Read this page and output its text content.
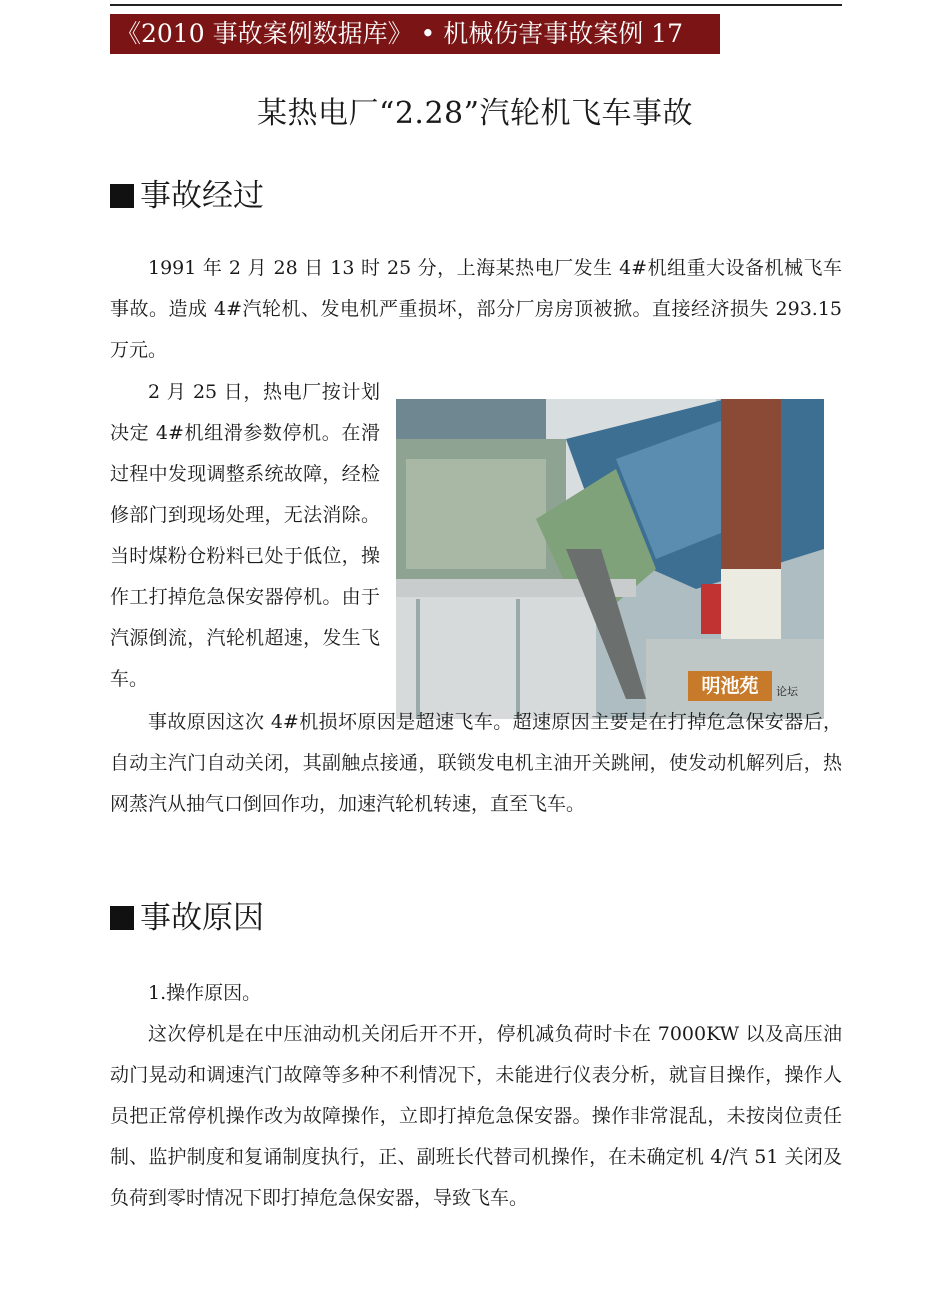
《2010 事故案例数据库》 • 机械伤害事故案例 17
某热电厂“2.28”汽轮机飞车事故
事故经过

1991 年 2 月 28 日 13 时 25 分，上海某热电厂发生 4#机组重大设备机械飞车事故。造成 4#汽轮机、发电机严重损坏，部分厂房房顶被掀。直接经济损失 293.15 万元。

2 月 25 日，热电厂按计划决定 4#机组滑参数停机。在滑过程中发现调整系统故障，经检修部门到现场处理，无法消除。当时煤粉仓粉料已处于低位，操作工打掉危急保安器停机。由于汽源倒流，汽轮机超速，发生飞车。	明池苑	论坛

事故原因这次 4#机损坏原因是超速飞车。超速原因主要是在打掉危急保安器后，自动主汽门自动关闭，其副触点接通，联锁发电机主油开关跳闸，使发动机解列后，热网蒸汽从抽气口倒回作功，加速汽轮机转速，直至飞车。

事故原因

1.操作原因。

这次停机是在中压油动机关闭后开不开，停机减负荷时卡在 7000KW 以及高压油动门晃动和调速汽门故障等多种不利情况下，未能进行仪表分析，就盲目操作，操作人员把正常停机操作改为故障操作，立即打掉危急保安器。操作非常混乱，未按岗位责任制、监护制度和复诵制度执行，正、副班长代替司机操作，在未确定机 4/汽 51 关闭及负荷到零时情况下即打掉危急保安器，导致飞车。
